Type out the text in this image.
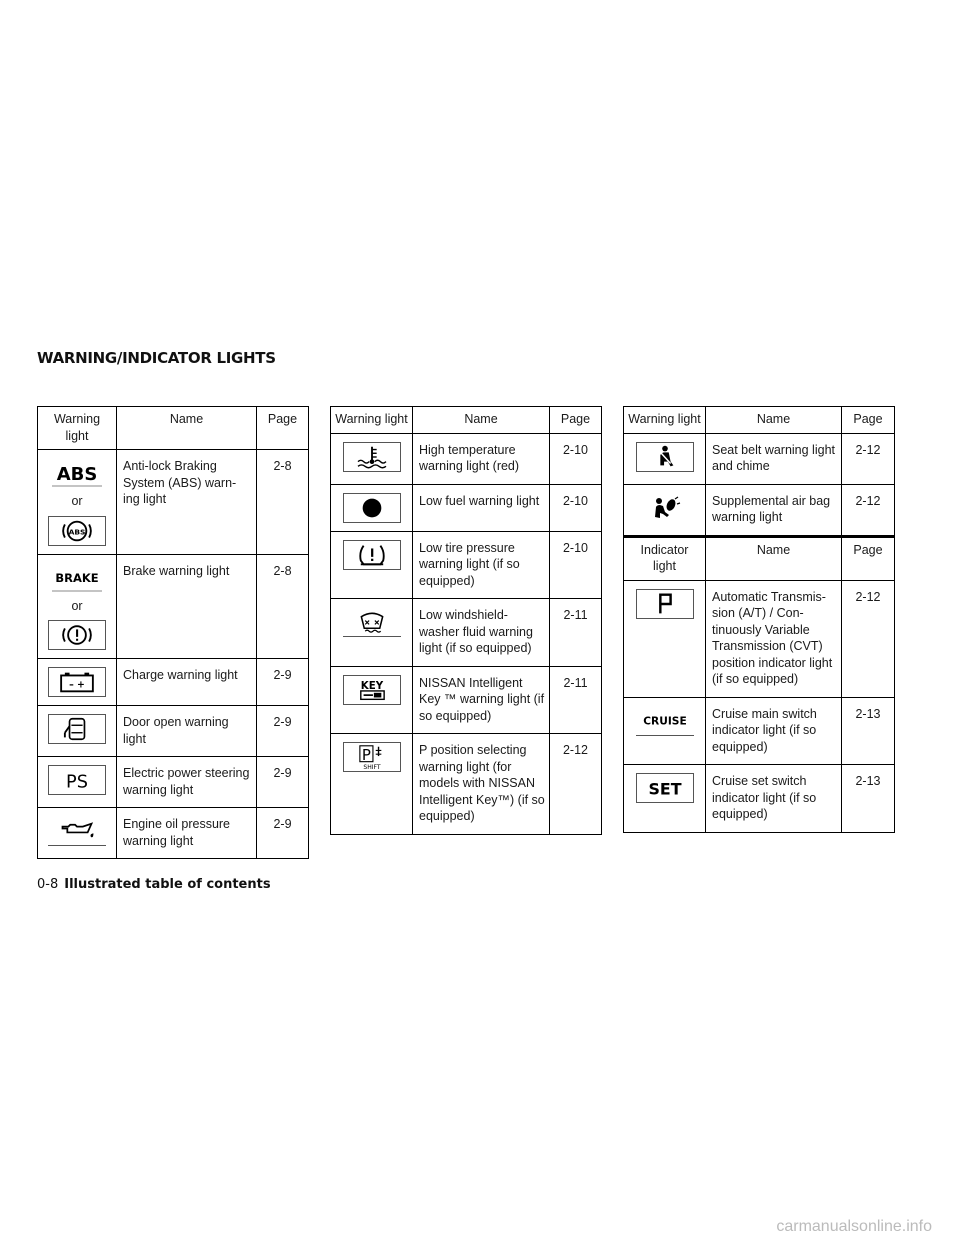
WARNING/INDICATOR LIGHTS
Warning light	Name	Page

ABS
or
ABS	Anti-lock Braking System (ABS) warn-ing light	2-8

BRAKE
or	Brake warning light	2-8

– +	Charge warning light	2-9

	Door open warning light	2-9

PS	Electric power steering warning light	2-9

	Engine oil pressure warning light	2-9
Warning light	Name	Page

	High temperature warning light (red)	2-10

	Low fuel warning light	2-10

	Low tire pressure warning light (if so equipped)	2-10

	Low windshield-washer fluid warning light (if so equipped)	2-11

KEY	NISSAN Intelligent Key ™ warning light (if so equipped)	2-11

P
SHIFT	P position selecting warning light (for models with NISSAN Intelligent Key™) (if so equipped)	2-12
Warning light	Name	Page

	Seat belt warning light and chime	2-12

	Supplemental air bag warning light	2-12
Indicator light	Name	Page

	Automatic Transmis-sion (A/T) / Con-tinuously Variable Transmission (CVT) position indicator light (if so equipped)	2-12

CRUISE	Cruise main switch indicator light (if so equipped)	2-13

SET	Cruise set switch indicator light (if so equipped)	2-13
0-8 Illustrated table of contents
carmanualsonline.info
